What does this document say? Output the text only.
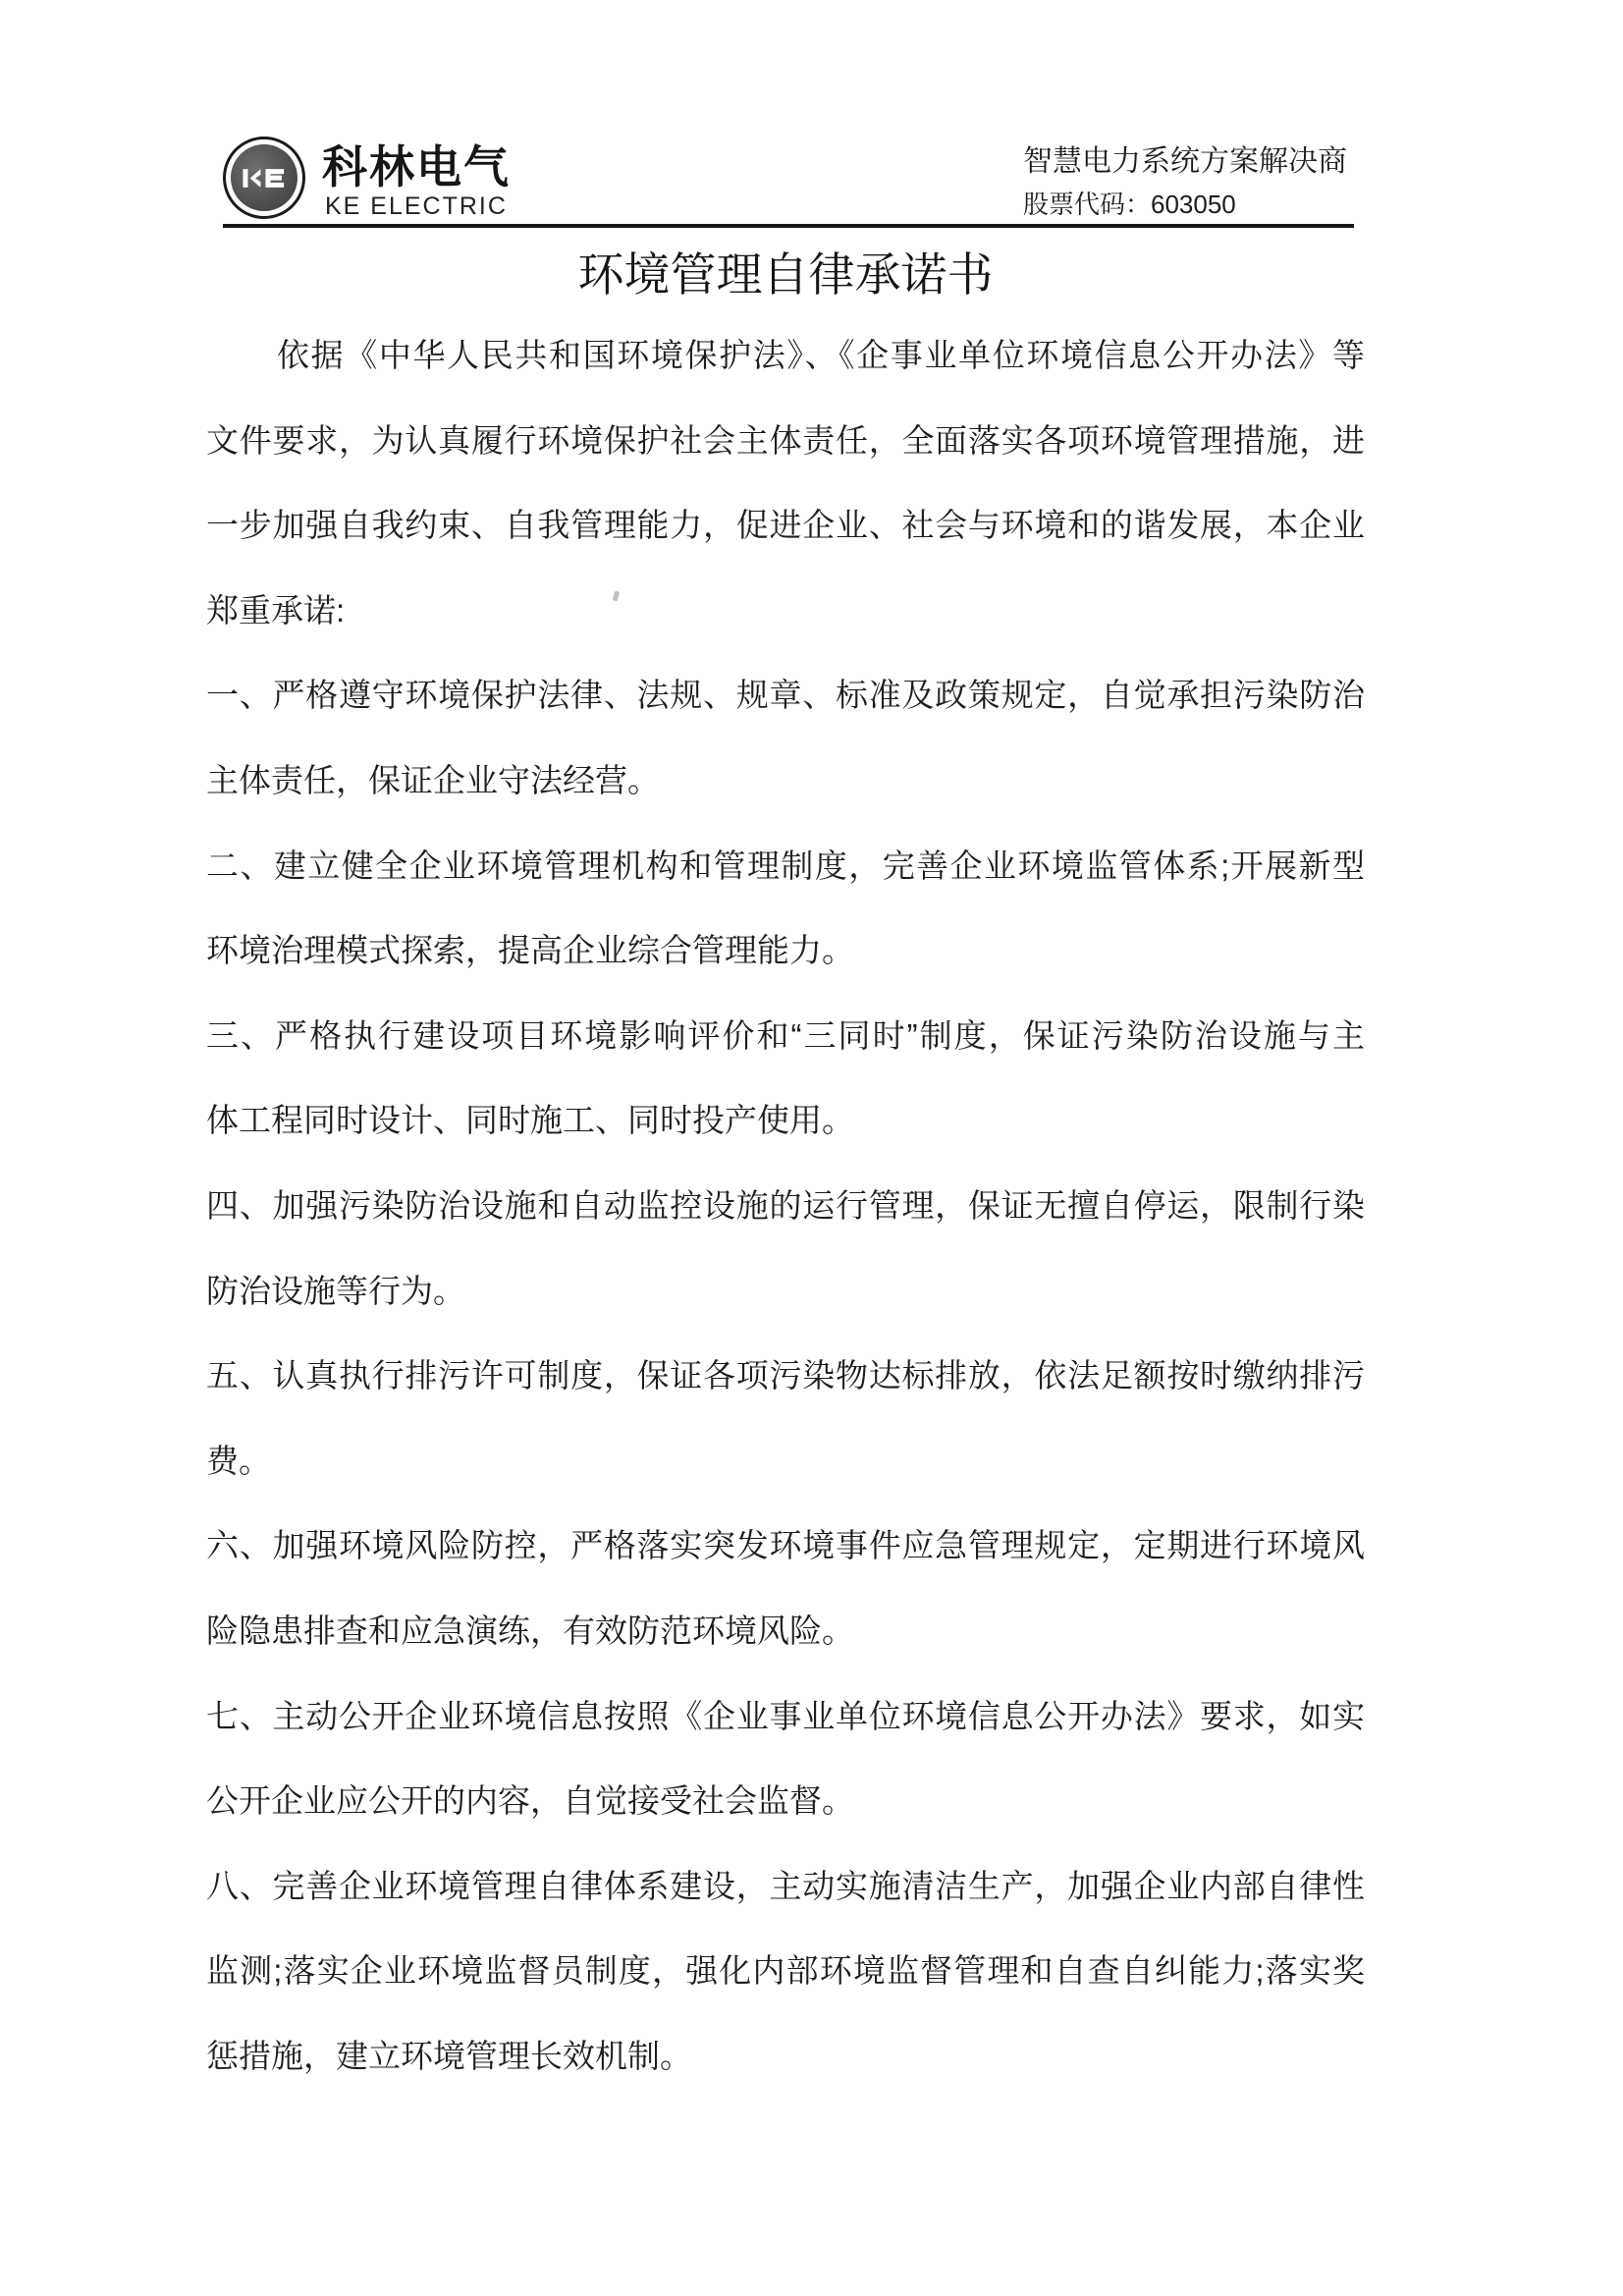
科林电气
KE ELECTRIC
智慧电力系统方案解决商
股票代码：603050
环境管理自律承诺书

依据《中华人民共和国环境保护法》、《企事业单位环境信息公开办法》等

文件要求，为认真履行环境保护社会主体责任，全面落实各项环境管理措施，进

一步加强自我约束、自我管理能力，促进企业、社会与环境和的谐发展，本企业

郑重承诺:

一、严格遵守环境保护法律、法规、规章、标准及政策规定，自觉承担污染防治

主体责任，保证企业守法经营。

二、建立健全企业环境管理机构和管理制度，完善企业环境监管体系;开展新型

环境治理模式探索，提高企业综合管理能力。

三、严格执行建设项目环境影响评价和“三同时”制度，保证污染防治设施与主

体工程同时设计、同时施工、同时投产使用。

四、加强污染防治设施和自动监控设施的运行管理，保证无擅自停运，限制行染

防治设施等行为。

五、认真执行排污许可制度，保证各项污染物达标排放，依法足额按时缴纳排污

费。

六、加强环境风险防控，严格落实突发环境事件应急管理规定，定期进行环境风

险隐患排查和应急演练，有效防范环境风险。

七、主动公开企业环境信息按照《企业事业单位环境信息公开办法》要求，如实

公开企业应公开的内容，自觉接受社会监督。

八、完善企业环境管理自律体系建设，主动实施清洁生产，加强企业内部自律性

监测;落实企业环境监督员制度，强化内部环境监督管理和自查自纠能力;落实奖

惩措施，建立环境管理长效机制。
